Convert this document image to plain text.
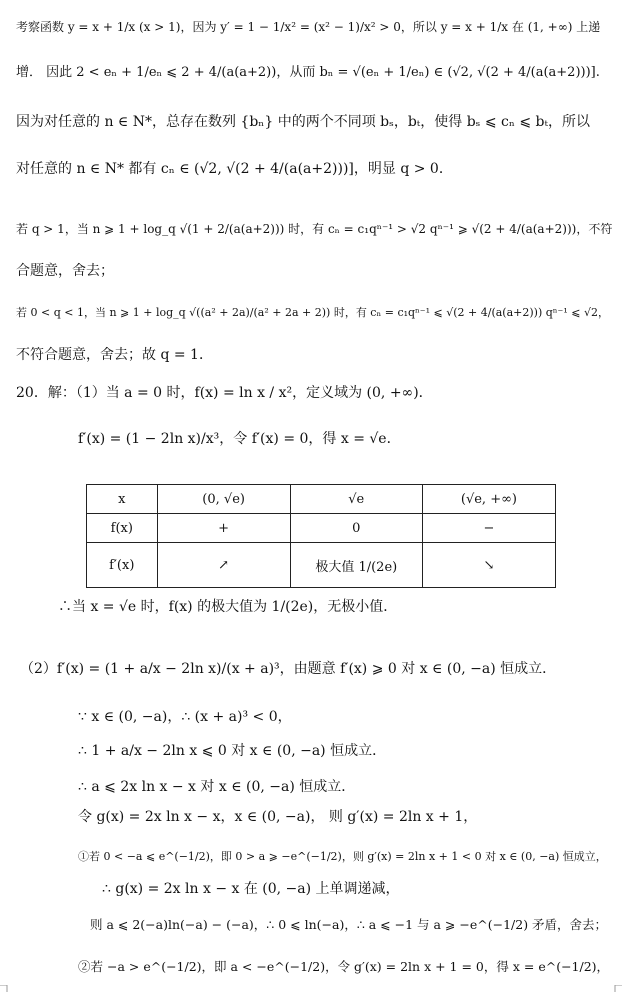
考察函数 y = x + 1/x (x > 1)，因为 y′ = 1 − 1/x² = (x² − 1)/x² > 0，所以 y = x + 1/x 在 (1, +∞) 上递
增． 因此 2 < eₙ + 1/eₙ ⩽ 2 + 4/(a(a+2))，从而 bₙ = √(eₙ + 1/eₙ) ∈ (√2, √(2 + 4/(a(a+2)))].
因为对任意的 n ∈ N*，总存在数列 {bₙ} 中的两个不同项 bₛ，bₜ，使得 bₛ ⩽ cₙ ⩽ bₜ，所以
对任意的 n ∈ N* 都有 cₙ ∈ (√2, √(2 + 4/(a(a+2)))]，明显 q > 0．
若 q > 1，当 n ⩾ 1 + log_q √(1 + 2/(a(a+2))) 时，有 cₙ = c₁qⁿ⁻¹ > √2 qⁿ⁻¹ ⩾ √(2 + 4/(a(a+2)))，不符
合题意，舍去；
若 0 < q < 1，当 n ⩾ 1 + log_q √((a² + 2a)/(a² + 2a + 2)) 时，有 cₙ = c₁qⁿ⁻¹ ⩽ √(2 + 4/(a(a+2))) qⁿ⁻¹ ⩽ √2，
不符合题意，舍去；故 q = 1．
20．解：（1）当 a = 0 时，f(x) = ln x / x²，定义域为 (0, +∞)．
f′(x) = (1 − 2ln x)/x³，令 f′(x) = 0，得 x = √e．
x	(0, √e)	√e	(√e, +∞)
f(x)	+	0	−
f′(x)	↗	极大值 1/(2e)	↘
∴当 x = √e 时，f(x) 的极大值为 1/(2e)，无极小值．
（2）f′(x) = (1 + a/x − 2ln x)/(x + a)³，由题意 f′(x) ⩾ 0 对 x ∈ (0, −a) 恒成立．
∵ x ∈ (0, −a)，∴ (x + a)³ < 0，
∴ 1 + a/x − 2ln x ⩽ 0 对 x ∈ (0, −a) 恒成立．
∴ a ⩽ 2x ln x − x 对 x ∈ (0, −a) 恒成立．
令 g(x) = 2x ln x − x，x ∈ (0, −a)， 则 g′(x) = 2ln x + 1，
①若 0 < −a ⩽ e^(−1/2)，即 0 > a ⩾ −e^(−1/2)，则 g′(x) = 2ln x + 1 < 0 对 x ∈ (0, −a) 恒成立，
∴ g(x) = 2x ln x − x 在 (0, −a) 上单调递减，
则 a ⩽ 2(−a)ln(−a) − (−a)，∴ 0 ⩽ ln(−a)，∴ a ⩽ −1 与 a ⩾ −e^(−1/2) 矛盾，舍去；
②若 −a > e^(−1/2)，即 a < −e^(−1/2)，令 g′(x) = 2ln x + 1 = 0，得 x = e^(−1/2)，
